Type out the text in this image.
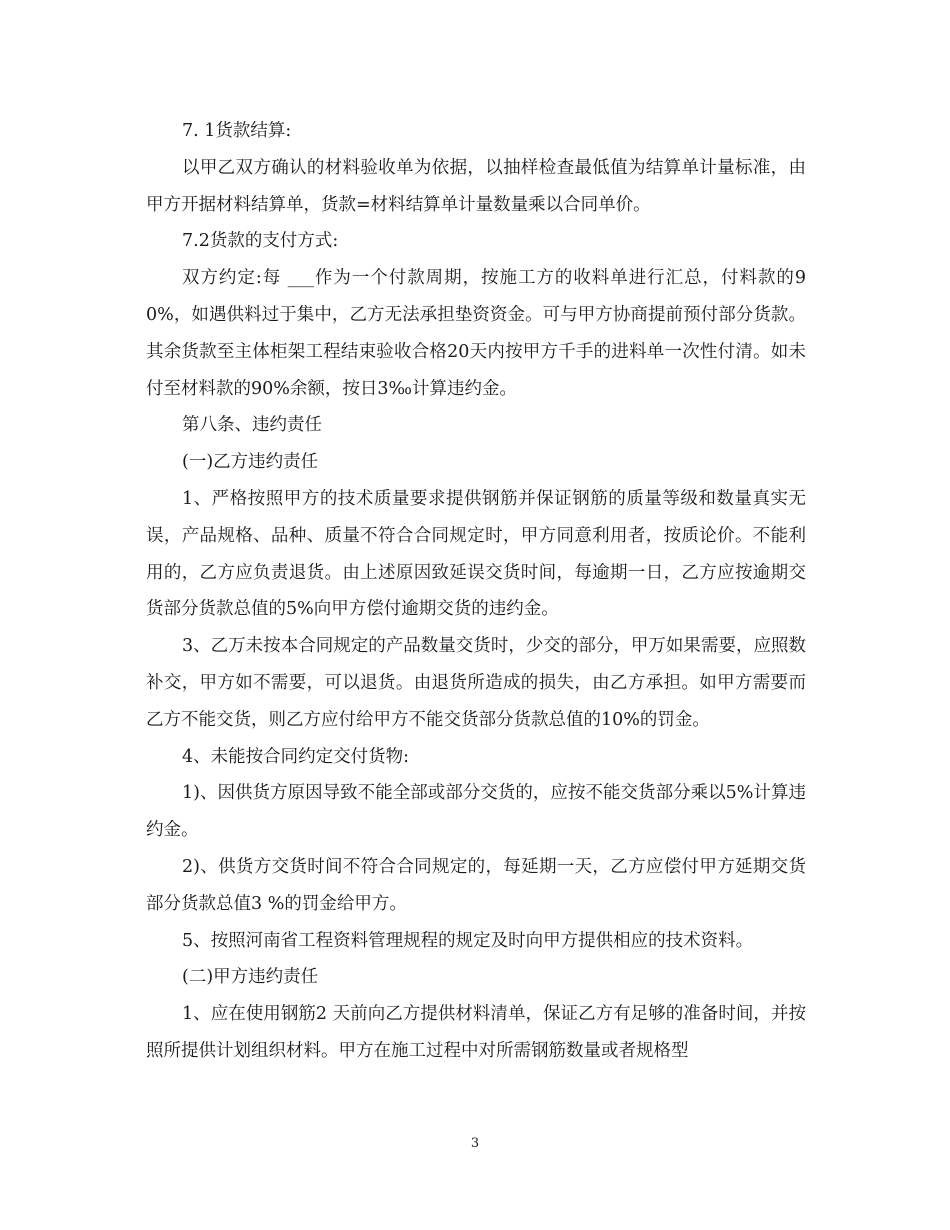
7. 1货款结算:

以甲乙双方确认的材料验收单为依据，以抽样检查最低值为结算单计量标准，由甲方开据材料结算单，货款=材料结算单计量数量乘以合同单价。

7.2货款的支付方式:

双方约定:每 ___作为一个付款周期，按施工方的收料单进行汇总，付料款的90%，如遇供料过于集中，乙方无法承担垫资资金。可与甲方协商提前预付部分货款。其余货款至主体柜架工程结束验收合格20天内按甲方千手的进料单一次性付清。如未付至材料款的90%余额，按日3‰计算违约金。

第八条、违约责任

(一)乙方违约责任

1、严格按照甲方的技术质量要求提供钢筋并保证钢筋的质量等级和数量真实无误，产品规格、品种、质量不符合合同规定时，甲方同意利用者，按质论价。不能利用的，乙方应负责退货。由上述原因致延误交货时间，每逾期一日，乙方应按逾期交货部分货款总值的5%向甲方偿付逾期交货的违约金。

3、乙万未按本合同规定的产品数量交货时，少交的部分，甲万如果需要，应照数补交，甲方如不需要，可以退货。由退货所造成的损失，由乙方承担。如甲方需要而乙方不能交货，则乙方应付给甲方不能交货部分货款总值的10%的罚金。

4、未能按合同约定交付货物:

1)、因供货方原因导致不能全部或部分交货的，应按不能交货部分乘以5%计算违约金。

2)、供货方交货时间不符合合同规定的，每延期一天，乙方应偿付甲方延期交货部分货款总值3 %的罚金给甲方。

5、按照河南省工程资料管理规程的规定及时向甲方提供相应的技术资料。

(二)甲方违约责任

1、应在使用钢筋2 天前向乙方提供材料清单，保证乙方有足够的准备时间，并按照所提供计划组织材料。甲方在施工过程中对所需钢筋数量或者规格型

3
